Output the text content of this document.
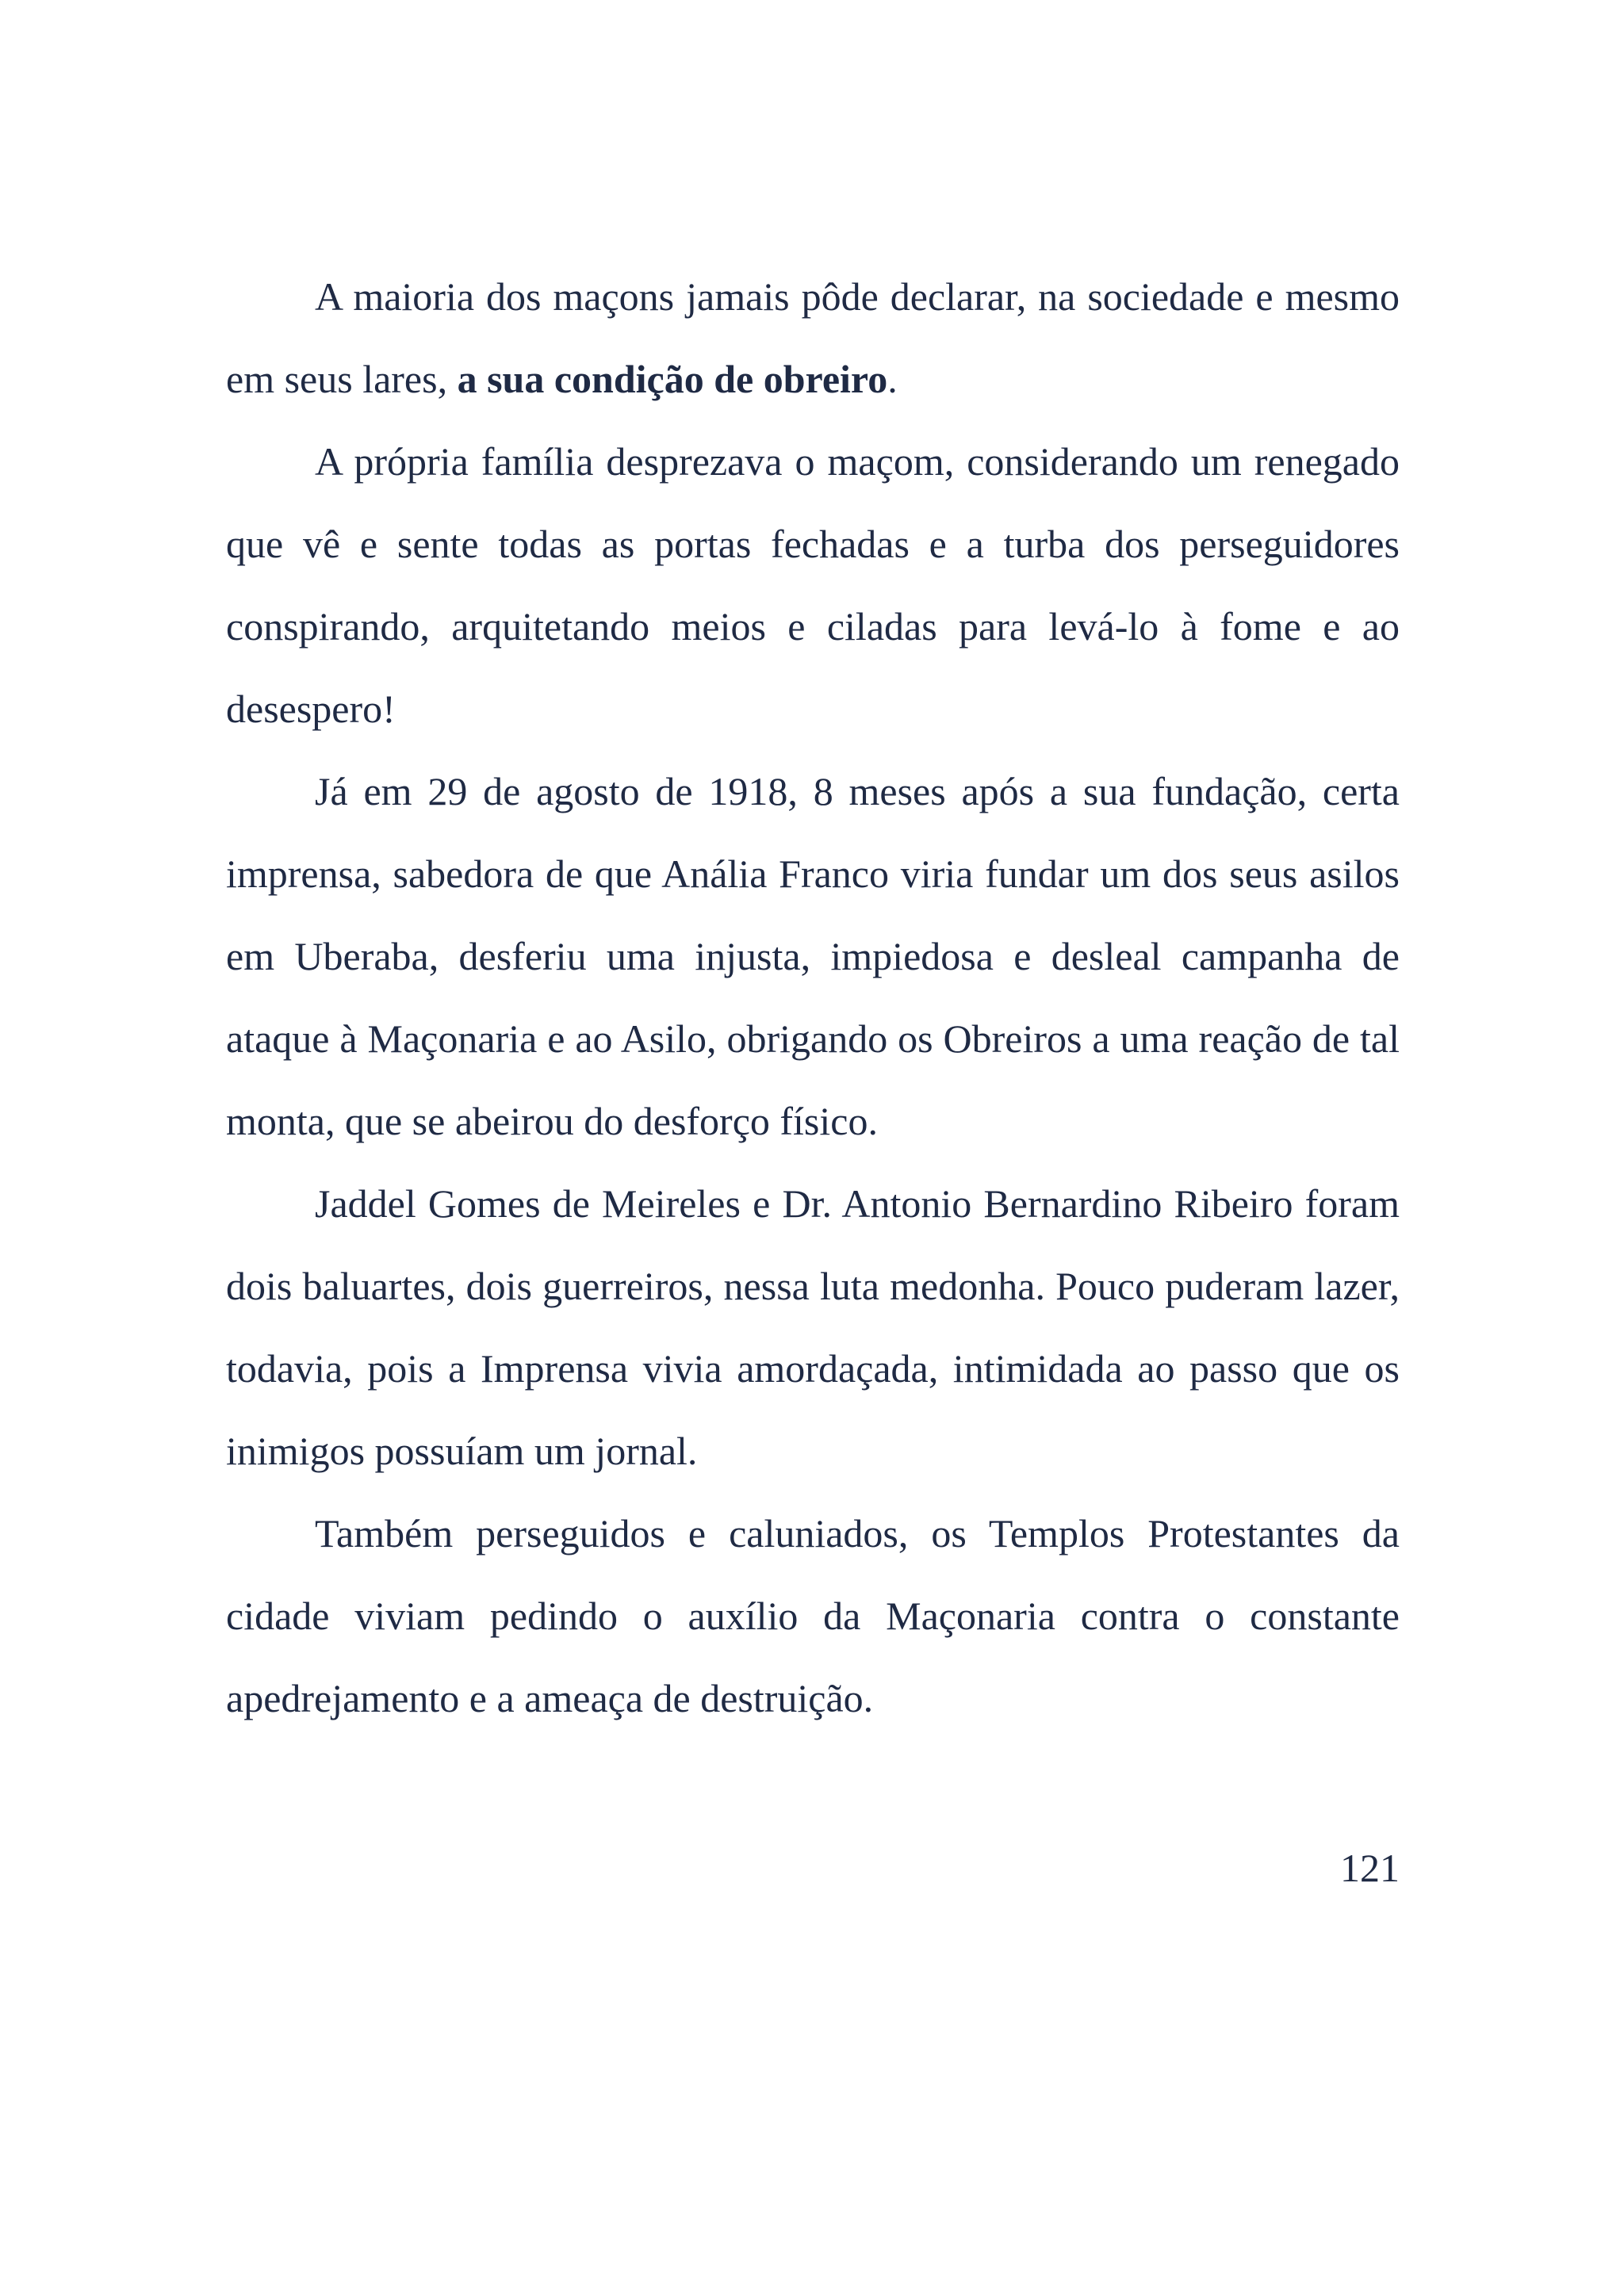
A maioria dos maçons jamais pôde declarar, na sociedade e mesmo em seus lares, a sua condição de obreiro.

A própria família desprezava o maçom, considerando um renegado que vê e sente todas as portas fechadas e a turba dos perseguidores conspirando, arquitetando meios e ciladas para levá-lo à fome e ao desespero!

Já em 29 de agosto de 1918, 8 meses após a sua fundação, certa imprensa, sabedora de que Anália Franco viria fundar um dos seus asilos em Uberaba, desferiu uma injusta, impiedosa e desleal campanha de ataque à Maçonaria e ao Asilo, obrigando os Obreiros a uma reação de tal monta, que se abeirou do desforço físico.

Jaddel Gomes de Meireles e Dr. Antonio Bernardino Ribeiro foram dois baluartes, dois guerreiros, nessa luta medonha. Pouco puderam lazer, todavia, pois a Imprensa vivia amordaçada, intimidada ao passo que os inimigos possuíam um jornal.

Também perseguidos e caluniados, os Templos Protestantes da cidade viviam pedindo o auxílio da Maçonaria contra o constante apedrejamento e a ameaça de destruição.

121
